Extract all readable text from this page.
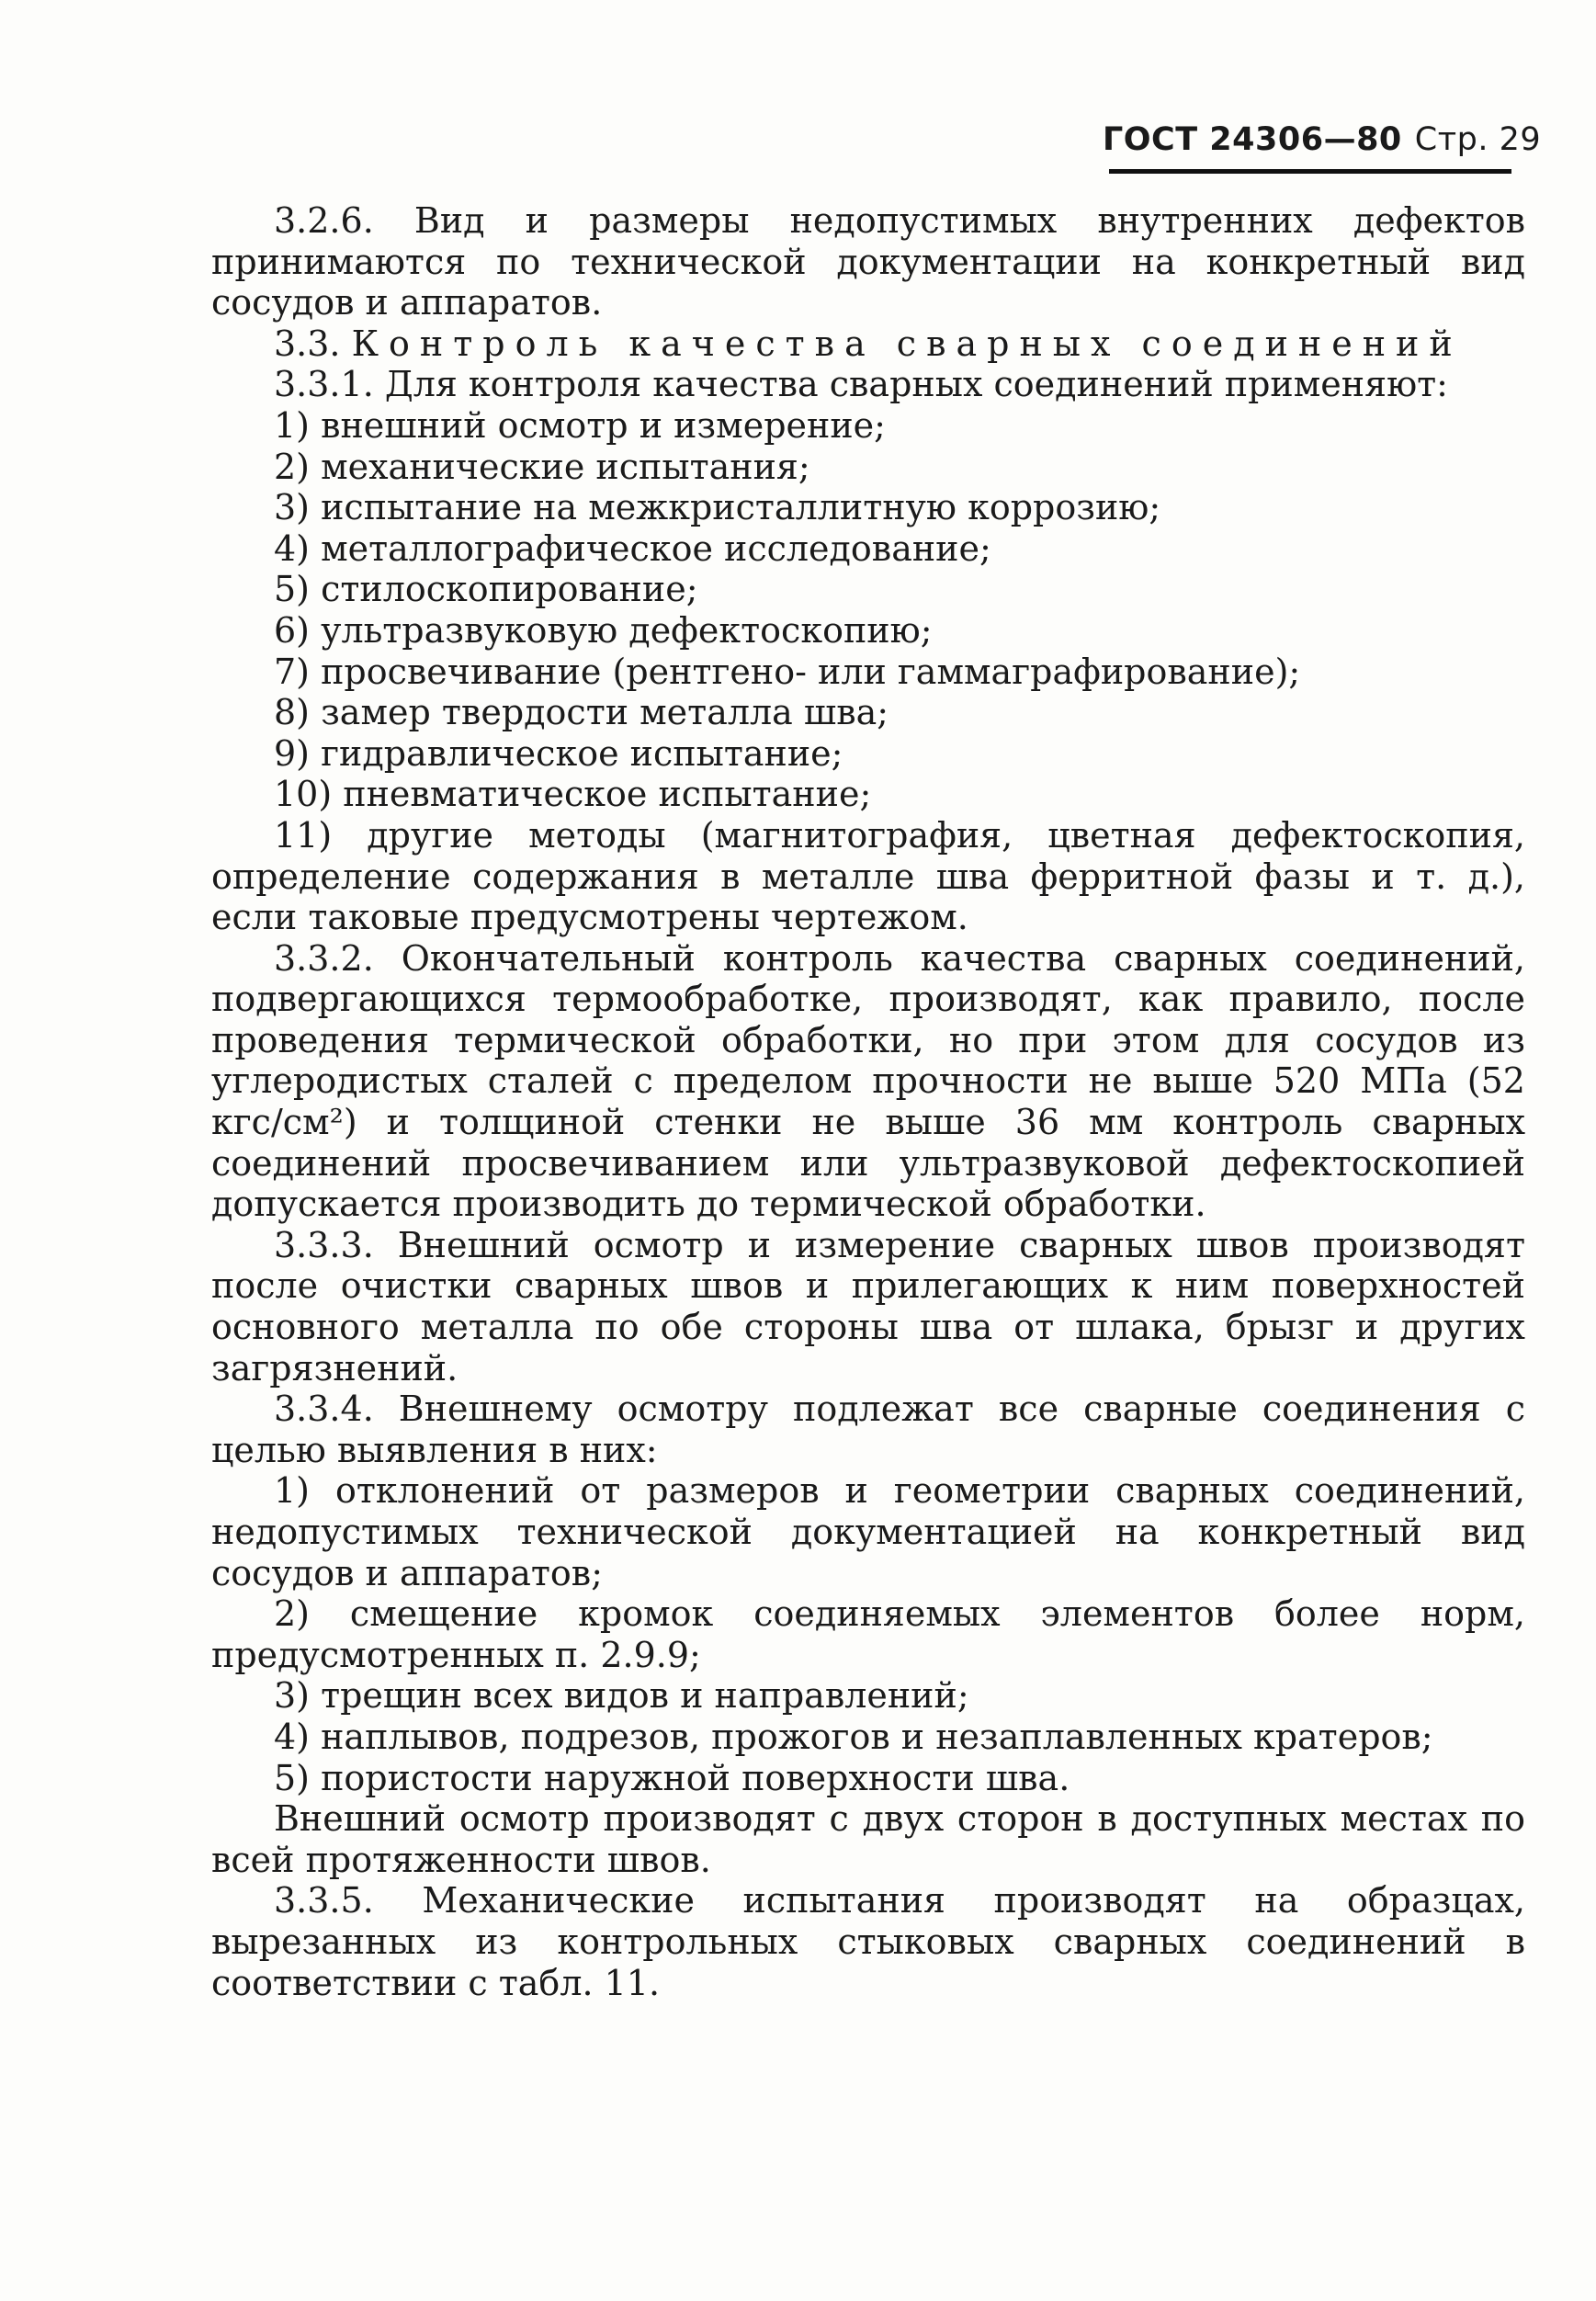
ГОСТ 24306—80 Стр. 29

3.2.6. Вид и размеры недопустимых внутренних дефектов принимаются по технической документации на конкретный вид сосудов и аппаратов.

3.3. Контроль качества сварных соединений

3.3.1. Для контроля качества сварных соединений применяют:

1) внешний осмотр и измерение;

2) механические испытания;

3) испытание на межкристаллитную коррозию;

4) металлографическое исследование;

5) стилоскопирование;

6) ультразвуковую дефектоскопию;

7) просвечивание (рентгено- или гаммаграфирование);

8) замер твердости металла шва;

9) гидравлическое испытание;

10) пневматическое испытание;

11) другие методы (магнитография, цветная дефектоскопия, определение содержания в металле шва ферритной фазы и т. д.), если таковые предусмотрены чертежом.

3.3.2. Окончательный контроль качества сварных соединений, подвергающихся термообработке, производят, как правило, после проведения термической обработки, но при этом для сосудов из углеродистых сталей с пределом прочности не выше 520 МПа (52 кгс/см²) и толщиной стенки не выше 36 мм контроль сварных соединений просвечиванием или ультразвуковой дефектоскопией допускается производить до термической обработки.

3.3.3. Внешний осмотр и измерение сварных швов производят после очистки сварных швов и прилегающих к ним поверхностей основного металла по обе стороны шва от шлака, брызг и других загрязнений.

3.3.4. Внешнему осмотру подлежат все сварные соединения с целью выявления в них:

1) отклонений от размеров и геометрии сварных соединений, недопустимых технической документацией на конкретный вид сосудов и аппаратов;

2) смещение кромок соединяемых элементов более норм, предусмотренных п. 2.9.9;

3) трещин всех видов и направлений;

4) наплывов, подрезов, прожогов и незаплавленных кратеров;

5) пористости наружной поверхности шва.

Внешний осмотр производят с двух сторон в доступных местах по всей протяженности швов.

3.3.5. Механические испытания производят на образцах, вырезанных из контрольных стыковых сварных соединений в соответствии с табл. 11.
